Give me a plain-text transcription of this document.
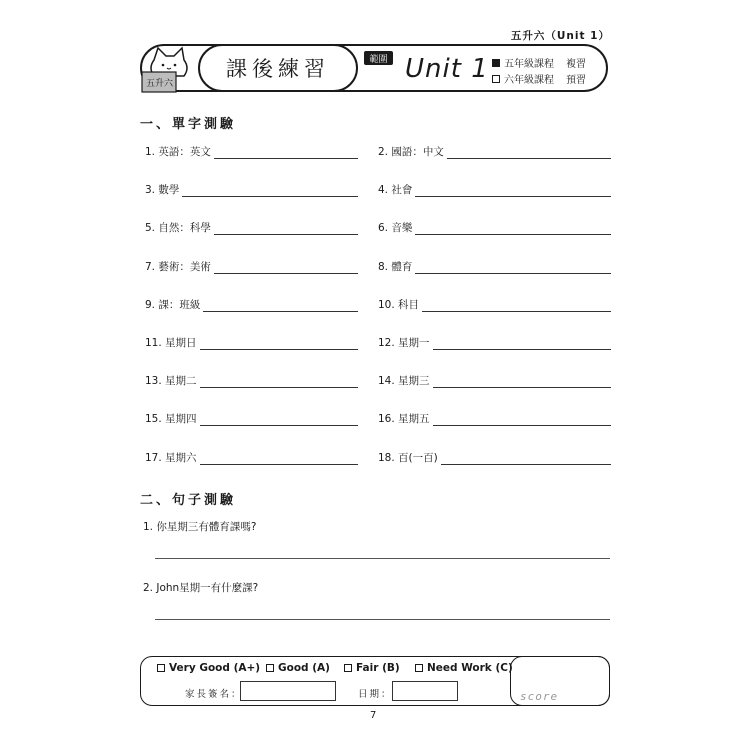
五升六（Unit 1）
五升六
課後練習	範圍 Unit 1 五年級課程 複習
六年級課程 預習
一、單字測驗
1. 英語：英文	2. 國語：中文
3. 數學	4. 社會
5. 自然：科學	6. 音樂
7. 藝術：美術	8. 體育
9. 課：班級	10. 科目
11. 星期日	12. 星期一
13. 星期二	14. 星期三
15. 星期四	16. 星期五
17. 星期六	18. 百(一百)
二、句子測驗
1. 你星期三有體育課嗎?
2. John星期一有什麼課?
score
Very Good (A+) Good (A) Fair (B)	Need Work (C)
家長簽名：	日期：
7
